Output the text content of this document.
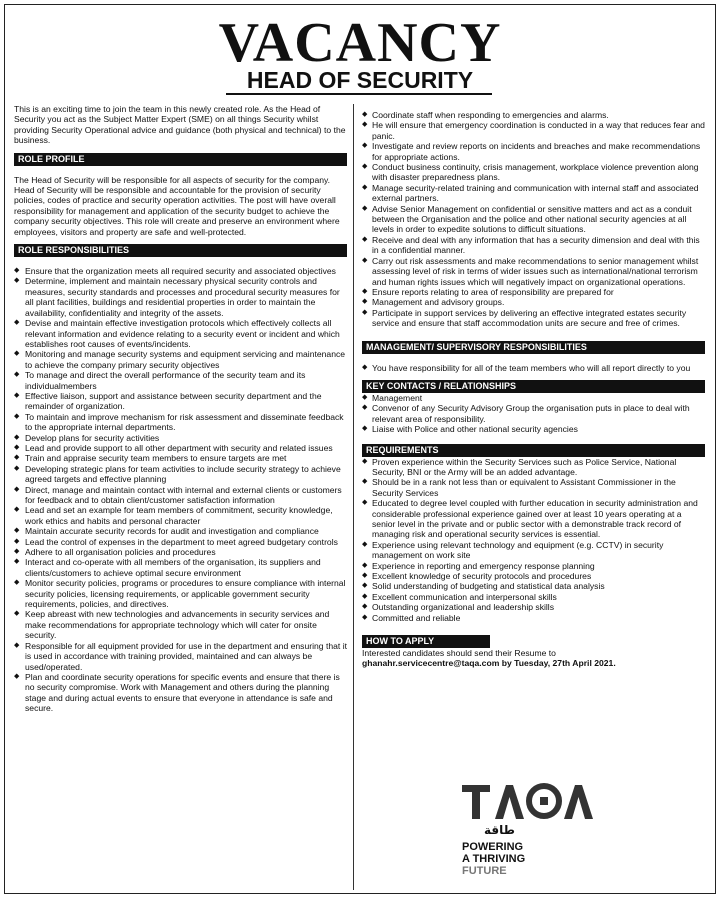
VACANCY
HEAD OF SECURITY

This is an exciting time to join the team in this newly created role. As the Head of Security you act as the Subject Matter Expert (SME) on all things Security whilst providing Security Operational advice and guidance (both physical and technical) to the business.

ROLE PROFILE

The Head of Security will be responsible for all aspects of security for the company. Head of Security will be responsible and accountable for the provision of security policies, codes of practice and security operation activities. The post will have overall responsibility for management and application of the security budget to achieve the company security objectives. This role will create and preserve an environment where employees, visitors and property are safe and well-protected.

ROLE RESPONSIBILITIES
◆ Ensure that the organization meets all required security and associated objectives
◆ Determine, implement and maintain necessary physical security controls and measures, security standards and processes and procedural security measures for all plant facilities, buildings and residential properties in order to maintain the availability, confidentiality and integrity of the assets.
◆ Devise and maintain effective investigation protocols which effectively collects all relevant information and evidence relating to a security event or incident and which establishes root causes of events/incidents.
◆ Monitoring and manage security systems and equipment servicing and maintenance to achieve the company primary security objectives
◆ To manage and direct the overall performance of the security team and its individualmembers
◆ Effective liaison, support and assistance between security department and the remainder of organization.
◆ To maintain and improve mechanism for risk assessment and disseminate feedback to the appropriate internal departments.
◆ Develop plans for security activities
◆ Lead and provide support to all other department with security and related issues
◆ Train and appraise security team members to ensure targets are met
◆ Developing strategic plans for team activities to include security strategy to achieve agreed targets and effective planning
◆ Direct, manage and maintain contact with internal and external clients or customers for feedback and to obtain client/customer satisfaction information
◆ Lead and set an example for team members of commitment, security knowledge, work ethics and habits and personal character
◆ Maintain accurate security records for audit and investigation and compliance
◆ Lead the control of expenses in the department to meet agreed budgetary controls
◆ Adhere to all organisation policies and procedures
◆ Interact and co-operate with all members of the organisation, its suppliers and clients/customers to achieve optimal secure environment
◆ Monitor security policies, programs or procedures to ensure compliance with internal security policies, licensing requirements, or applicable government security requirements, policies, and directives.
◆ Keep abreast with new technologies and advancements in security services and make recommendations for appropriate technology which will cater for onsite security.
◆ Responsible for all equipment provided for use in the department and ensuring that it is used in accordance with training provided, maintained and can always be used/operated.
◆ Plan and coordinate security operations for specific events and ensure that there is no security compromise. Work with Management and others during the planning stage and during actual events to ensure that everyone in attendance is safe and secure.
◆ Coordinate staff when responding to emergencies and alarms.
◆ He will ensure that emergency coordination is conducted in a way that reduces fear and panic.
◆ Investigate and review reports on incidents and breaches and make recommendations for appropriate actions.
◆ Conduct business continuity, crisis management, workplace violence prevention along with disaster preparedness plans.
◆ Manage security-related training and communication with internal staff and associated external partners.
◆ Advise Senior Management on confidential or sensitive matters and act as a conduit between the Organisation and the police and other national security agencies at all levels in order to expedite solutions to difficult situations.
◆ Receive and deal with any information that has a security dimension and deal with this in a confidential manner.
◆ Carry out risk assessments and make recommendations to senior management whilst assessing level of risk in terms of wider issues such as international/national terrorism and human rights issues which will negatively impact on organizational operations.
◆ Ensure reports relating to area of responsibility are prepared for
◆ Management and advisory groups.
◆ Participate in support services by delivering an effective integrated estates security service and ensure that staff accommodation units are secure and free of crimes.
MANAGEMENT/ SUPERVISORY RESPONSIBILITIES
◆ You have responsibility for all of the team members who will all report directly to you
KEY CONTACTS / RELATIONSHIPS
◆ Management
◆ Convenor of any Security Advisory Group the organisation puts in place to deal with relevant area of responsibility.
◆ Liaise with Police and other national security agencies
REQUIREMENTS
◆ Proven experience within the Security Services such as Police Service, National Security, BNI or the Army will be an added advantage.
◆ Should be in a rank not less than or equivalent to Assistant Commissioner in the Security Services
◆ Educated to degree level coupled with further education in security administration and considerable professional experience gained over at least 10 years operating at a senior level in the private and or public sector with a demonstrable track record of managing risk and operational security services is essential.
◆ Experience using relevant technology and equipment (e.g. CCTV) in security management on work site
◆ Experience in reporting and emergency response planning
◆ Excellent knowledge of security protocols and procedures
◆ Solid understanding of budgeting and statistical data analysis
◆ Excellent communication and interpersonal skills
◆ Outstanding organizational and leadership skills
◆ Committed and reliable
HOW TO APPLY
Interested candidates should send their Resume to
ghanahr.servicecentre@taqa.com by Tuesday, 27th April 2021.
طاقة
POWERING
A THRIVING
FUTURE
